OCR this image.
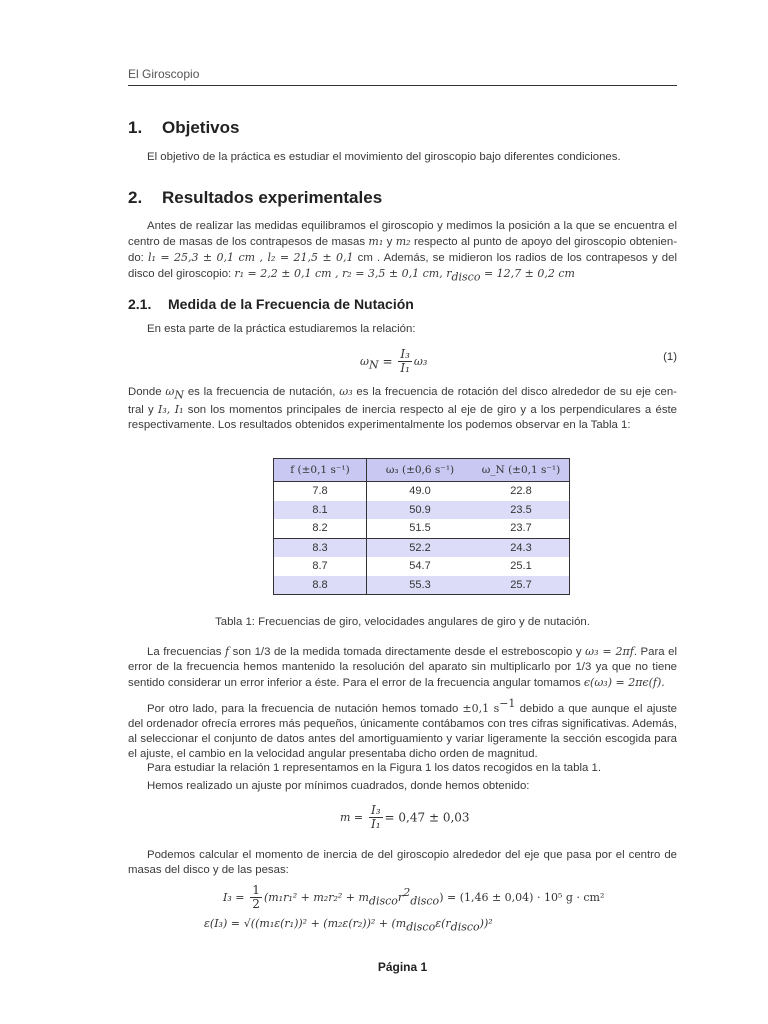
El Giroscopio
1. Objetivos

El objetivo de la práctica es estudiar el movimiento del giroscopio bajo diferentes condiciones.

2. Resultados experimentales

Antes de realizar las medidas equilibramos el giroscopio y medimos la posición a la que se encuentra el centro de masas de los contrapesos de masas m₁ y m₂ respecto al punto de apoyo del giroscopio obtenien-do: l₁ = 25,3 ± 0,1 cm , l₂ = 21,5 ± 0,1 cm . Además, se midieron los radios de los contrapesos y del disco del giroscopio: r₁ = 2,2 ± 0,1 cm , r₂ = 3,5 ± 0,1 cm, $r_{disco} = 12,7 \pm 0,2$ cm

2.1. Medida de la Frecuencia de Nutación

En esta parte de la práctica estudiaremos la relación:

$\omega_N = \frac{\text{I₃}}{\text{I₁}} \omega_3$	(1)

Donde $\omega_N$ es la frecuencia de nutación, ω₃ es la frecuencia de rotación del disco alrededor de su eje cen-tral y I₃, I₁ son los momentos principales de inercia respecto al eje de giro y a los perpendiculares a éste respectivamente. Los resultados obtenidos experimentalmente los podemos observar en la Tabla 1:

f (±0,1 s⁻¹)	ω₃ (±0,6 s⁻¹)	ω_N (±0,1 s⁻¹)
7.8	49.0	22.8
8.1	50.9	23.5
8.2	51.5	23.7
8.3	52.2	24.3
8.7	54.7	25.1
8.8	55.3	25.7
Tabla 1: Frecuencias de giro, velocidades angulares de giro y de nutación.

La frecuencias f son 1/3 de la medida tomada directamente desde el estreboscopio y ω₃ = 2πf. Para el error de la frecuencia hemos mantenido la resolución del aparato sin multiplicarlo por 1/3 ya que no tiene sentido considerar un error inferior a éste. Para el error de la frecuencia angular tomamos ϵ(ω₃) = 2πϵ(f).

Por otro lado, para la frecuencia de nutación hemos tomado ±0,1 $s^{-1}$ debido a que aunque el ajuste del ordenador ofrecía errores más pequeños, únicamente contábamos con tres cifras significativas. Además, al seleccionar el conjunto de datos antes del amortiguamiento y variar ligeramente la sección escogida para el ajuste, el cambio en la velocidad angular presentaba dicho orden de magnitud.

Para estudiar la relación 1 representamos en la Figura 1 los datos recogidos en la tabla 1.

Hemos realizado un ajuste por mínimos cuadrados, donde hemos obtenido:

$m = \frac{\text{I₃}}{\text{I₁}} = 0,47 \pm 0,03$

Podemos calcular el momento de inercia de del giroscopio alrededor del eje que pasa por el centro de masas del disco y de las pesas:

$I_3 = \frac{1}{2} (m_1r_1^2 + m_2r_2^2 + m_{disco}r^2_{disco}) = (1,46 \pm 0,04) \cdot 10^5$ g · cm²
$\varepsilon(I_3) = √((m_1\varepsilon(r_1))^2 + (m_2\varepsilon(r_2))^2 + (m_{disco}\varepsilon(r_{disco}))^2$
Página 1
